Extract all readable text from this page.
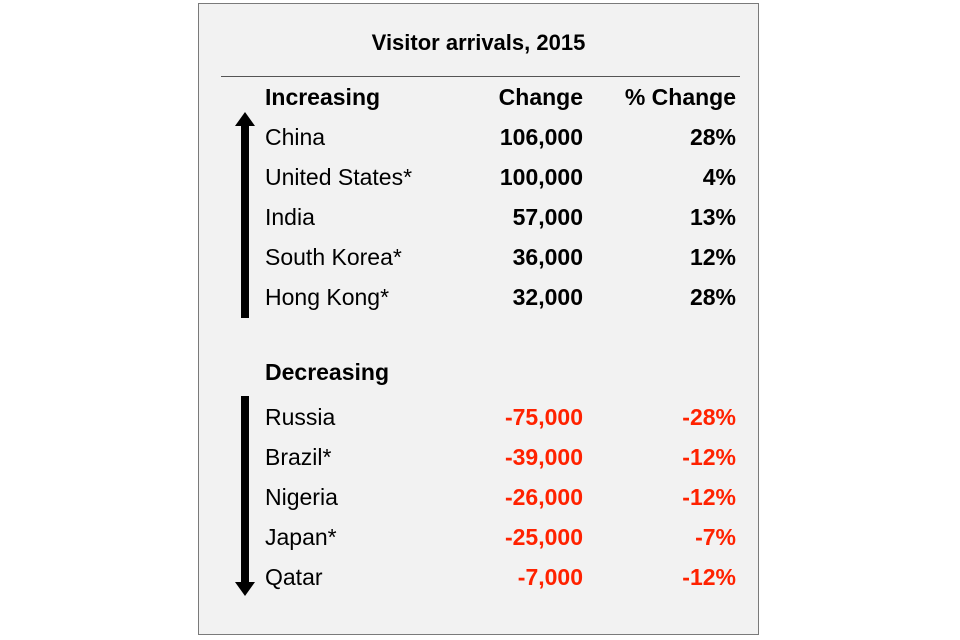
Visitor arrivals, 2015
Increasing	Change % Change
China	106,000	28%
United States*	100,000	4%
India	57,000	13%
South Korea*	36,000	12%
Hong Kong*	32,000	28%
Decreasing
Russia	-75,000	-28%
Brazil*	-39,000	-12%
Nigeria	-26,000	-12%
Japan*	-25,000	-7%
Qatar	-7,000	-12%
